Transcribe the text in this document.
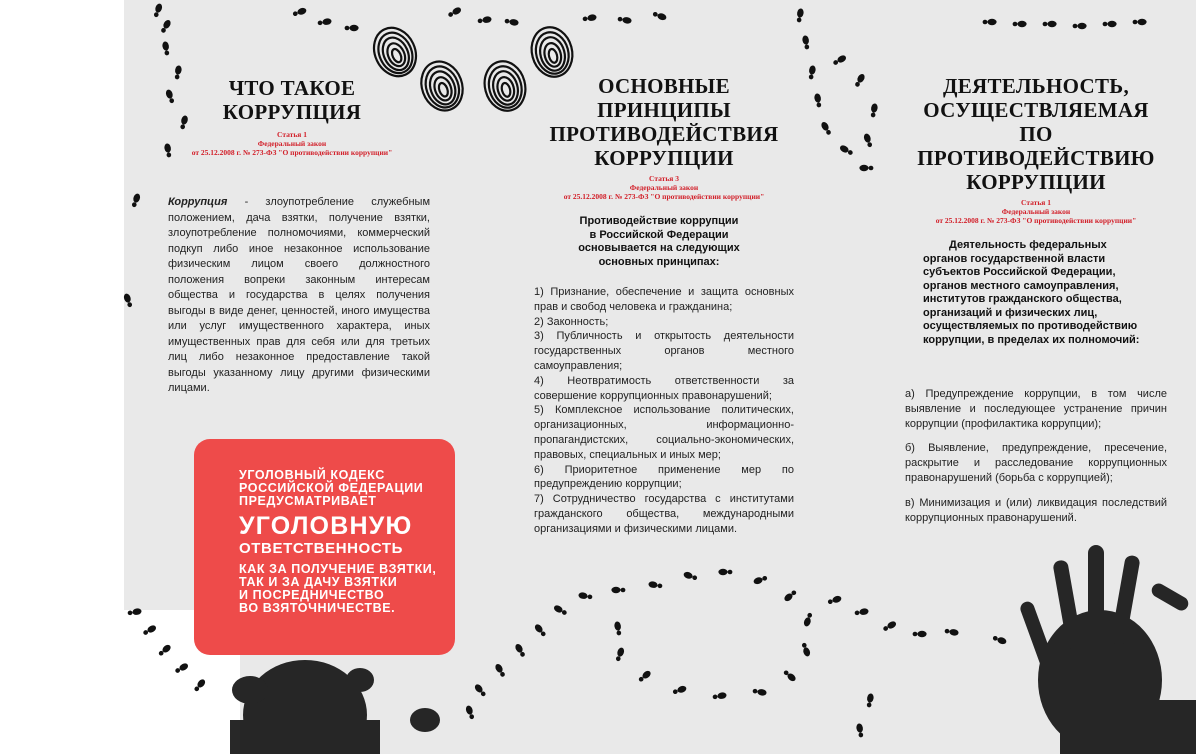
ЧТО ТАКОЕ
КОРРУПЦИЯ
Статья 1
Федеральный закон
от 25.12.2008 г. № 273-ФЗ "О противодействии коррупции"
Коррупция - злоупотребление служебным положением, дача взятки, получение взятки, злоупотребление полномочиями, коммерческий подкуп либо иное незаконное использование физическим лицом своего должностного положения вопреки законным интересам общества и государства в целях получения выгоды в виде денег, ценностей, иного имущества или услуг имущественного характера, иных имущественных прав для себя или для третьих лиц либо незаконное предоставление такой выгоды указанному лицу другими физическими лицами.
УГОЛОВНЫЙ КОДЕКС
РОССИЙСКОЙ ФЕДЕРАЦИИ
ПРЕДУСМАТРИВАЕТ
УГОЛОВНУЮ
ОТВЕТСТВЕННОСТЬ
КАК ЗА ПОЛУЧЕНИЕ ВЗЯТКИ,
ТАК И ЗА ДАЧУ ВЗЯТКИ
И ПОСРЕДНИЧЕСТВО
ВО ВЗЯТОЧНИЧЕСТВЕ.
ОСНОВНЫЕ
ПРИНЦИПЫ
ПРОТИВОДЕЙСТВИЯ
КОРРУПЦИИ
Статья 3
Федеральный закон
от 25.12.2008 г. № 273-ФЗ "О противодействии коррупции"
Противодействие коррупции
в Российской Федерации
основывается на следующих
основных принципах:
1) Признание, обеспечение и защита основных прав и свобод человека и гражданина;
2) Законность;
3) Публичность и открытость деятельности государственных органов местного самоуправления;
4) Неотвратимость ответственности за совершение коррупционных правонарушений;
5) Комплексное использование политических, организационных, информационно-пропагандистских, социально-экономических, правовых, специальных и иных мер;
6) Приоритетное применение мер по предупреждению коррупции;
7) Сотрудничество государства с институтами гражданского общества, международными организациями и физическими лицами.
ДЕЯТЕЛЬНОСТЬ,
ОСУЩЕСТВЛЯЕМАЯ ПО
ПРОТИВОДЕЙСТВИЮ
КОРРУПЦИИ
Статья 1
Федеральный закон
от 25.12.2008 г. № 273-ФЗ "О противодействии коррупции"
Деятельность федеральных
органов государственной власти
субъектов Российской Федерации,
органов местного самоуправления,
институтов гражданского общества,
организаций и физических лиц,
осуществляемых по противодействию
коррупции, в пределах их полномочий:
а) Предупреждение коррупции, в том числе выявление и последующее устранение причин коррупции (профилактика коррупции);
б) Выявление, предупреждение, пресечение, раскрытие и расследование коррупционных правонарушений (борьба с коррупцией);
в) Минимизация и (или) ликвидация последствий коррупционных правонарушений.
